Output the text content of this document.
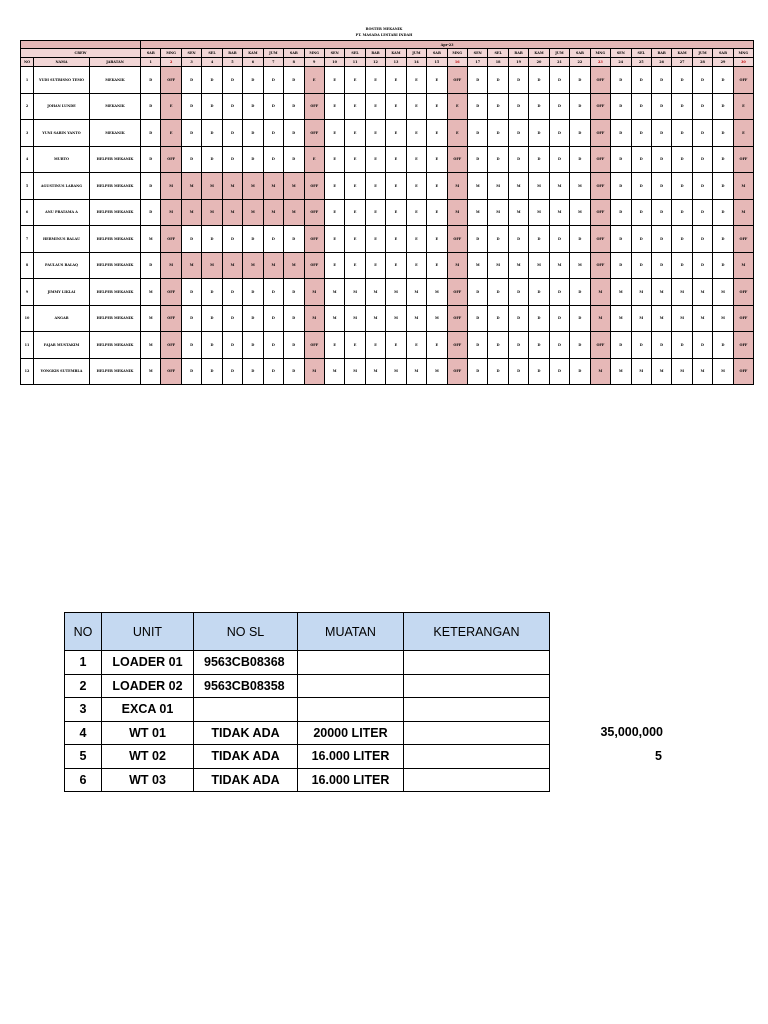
ROSTER MEKANIK
PT. MASADA LESTARI INDAH
			Apr-23																													
CREW			SAB	MNG	SEN	SEL	RAB	KAM	JUM	SAB	MNG	SEN	SEL	RAB	KAM	JUM	SAB	MNG	SEN	SEL	RAB	KAM	JUM	SAB	MNG	SEN	SEL	RAB	KAM	JUM	SAB	MNG
NO	NAMA	JABATAN	1	2	3	4	5	6	7	8	9	10	11	12	13	14	15	16	17	18	19	20	21	22	23	24	25	26	27	28	29	30
1	YUDI SUTRISNO TEMO	MEKANIK	D	OFF	D	D	D	D	D	D	E	E	E	E	E	E	E	OFF	D	D	D	D	D	D	OFF	D	D	D	D	D	D	OFF
2	JOHAN LUNDE	MEKANIK	D	E	D	D	D	D	D	D	OFF	E	E	E	E	E	E	E	D	D	D	D	D	D	OFF	D	D	D	D	D	D	E
3	YUNI SARIN YANTO	MEKANIK	D	E	D	D	D	D	D	D	OFF	E	E	E	E	E	E	E	D	D	D	D	D	D	OFF	D	D	D	D	D	D	E
4	MURTO	HELPER MEKANIK	D	OFF	D	D	D	D	D	D	E	E	E	E	E	E	E	OFF	D	D	D	D	D	D	OFF	D	D	D	D	D	D	OFF
5	AGUSTINUS LABANG	HELPER MEKANIK	D	M	M	M	M	M	M	M	OFF	E	E	E	E	E	E	M	M	M	M	M	M	M	OFF	D	D	D	D	D	D	M
6	ANU PRATAMA A	HELPER MEKANIK	D	M	M	M	M	M	M	M	OFF	E	E	E	E	E	E	M	M	M	M	M	M	M	OFF	D	D	D	D	D	D	M
7	HERMINUS BALAU	HELPER MEKANIK	M	OFF	D	D	D	D	D	D	OFF	E	E	E	E	E	E	OFF	D	D	D	D	D	D	OFF	D	D	D	D	D	D	OFF
8	PAULAUS BALAQ	HELPER MEKANIK	D	M	M	M	M	M	M	M	OFF	E	E	E	E	E	E	M	M	M	M	M	M	M	OFF	D	D	D	D	D	D	M
9	JIMMY LIKLAI	HELPER MEKANIK	M	OFF	D	D	D	D	D	D	M	M	M	M	M	M	M	OFF	D	D	D	D	D	D	M	M	M	M	M	M	M	OFF
10	ANGAR	HELPER MEKANIK	M	OFF	D	D	D	D	D	D	M	M	M	M	M	M	M	OFF	D	D	D	D	D	D	M	M	M	M	M	M	M	OFF
11	FAJAR MUSTAKIM	HELPER MEKANIK	M	OFF	D	D	D	D	D	D	OFF	E	E	E	E	E	E	OFF	D	D	D	D	D	D	OFF	D	D	D	D	D	D	OFF
12	YONGKIS SUTEMBLA	HELPER MEKANIK	M	OFF	D	D	D	D	D	D	M	M	M	M	M	M	M	OFF	D	D	D	D	D	D	M	M	M	M	M	M	M	OFF
NO	UNIT	NO SL	MUATAN	KETERANGAN
1	LOADER 01	9563CB08368		
2	LOADER 02	9563CB08358		
3	EXCA 01			
4	WT 01	TIDAK ADA	20000 LITER	
5	WT 02	TIDAK ADA	16.000 LITER	
6	WT 03	TIDAK ADA	16.000 LITER	
35,000,000
5
